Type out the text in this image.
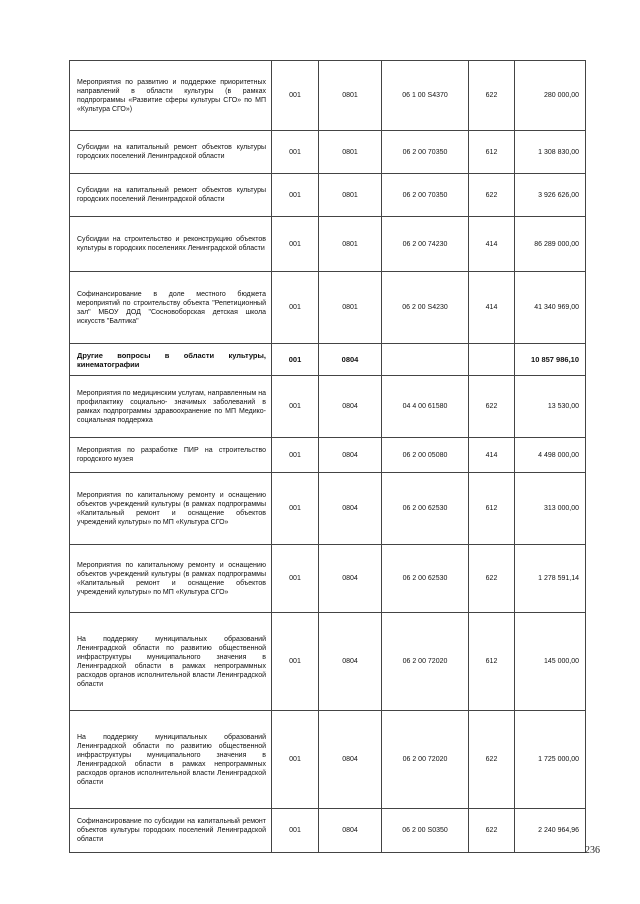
Мероприятия по развитию и поддержке приоритетных направлений в области культуры (в рамках подпрограммы «Развитие сферы культуры СГО» по МП «Культура СГО»)	001	0801	06 1 00 S4370	622	280 000,00
Субсидии на капитальный ремонт объектов культуры городских поселений Ленинградской области	001	0801	06 2 00 70350	612	1 308 830,00
Субсидии на капитальный ремонт объектов культуры городских поселений Ленинградской области	001	0801	06 2 00 70350	622	3 926 626,00
Субсидии на строительство и реконструкцию объектов культуры в городских поселениях Ленинградской области	001	0801	06 2 00 74230	414	86 289 000,00
Софинансирование в доле местного бюджета мероприятий по строительству объекта "Репетиционный зал" МБОУ ДОД "Сосновоборская детская школа искусств "Балтика"	001	0801	06 2 00 S4230	414	41 340 969,00
Другие вопросы в области культуры, кинематографии	001	0804			10 857 986,10
Мероприятия по медицинским услугам, направленным на профилактику социально- значимых заболеваний в рамках подпрограммы здравоохранение по МП Медико-социальная поддержка	001	0804	04 4 00 61580	622	13 530,00
Мероприятия по разработке ПИР на строительство городского музея	001	0804	06 2 00 05080	414	4 498 000,00
Мероприятия по капитальному ремонту и оснащению объектов учреждений культуры (в рамках подпрограммы «Капитальный ремонт и оснащение объектов учреждений культуры» по МП «Культура СГО»	001	0804	06 2 00 62530	612	313 000,00
Мероприятия по капитальному ремонту и оснащению объектов учреждений культуры (в рамках подпрограммы «Капитальный ремонт и оснащение объектов учреждений культуры» по МП «Культура СГО»	001	0804	06 2 00 62530	622	1 278 591,14
На поддержку муниципальных образований Ленинградской области по развитию общественной инфраструктуры муниципального значения в Ленинградской области в рамках непрограммных расходов органов исполнительной власти Ленинградской области	001	0804	06 2 00 72020	612	145 000,00
На поддержку муниципальных образований Ленинградской области по развитию общественной инфраструктуры муниципального значения в Ленинградской области в рамках непрограммных расходов органов исполнительной власти Ленинградской области	001	0804	06 2 00 72020	622	1 725 000,00
Софинансирование по субсидии на капитальный ремонт объектов культуры городских поселений Ленинградской области	001	0804	06 2 00 S0350	622	2 240 964,96
236
